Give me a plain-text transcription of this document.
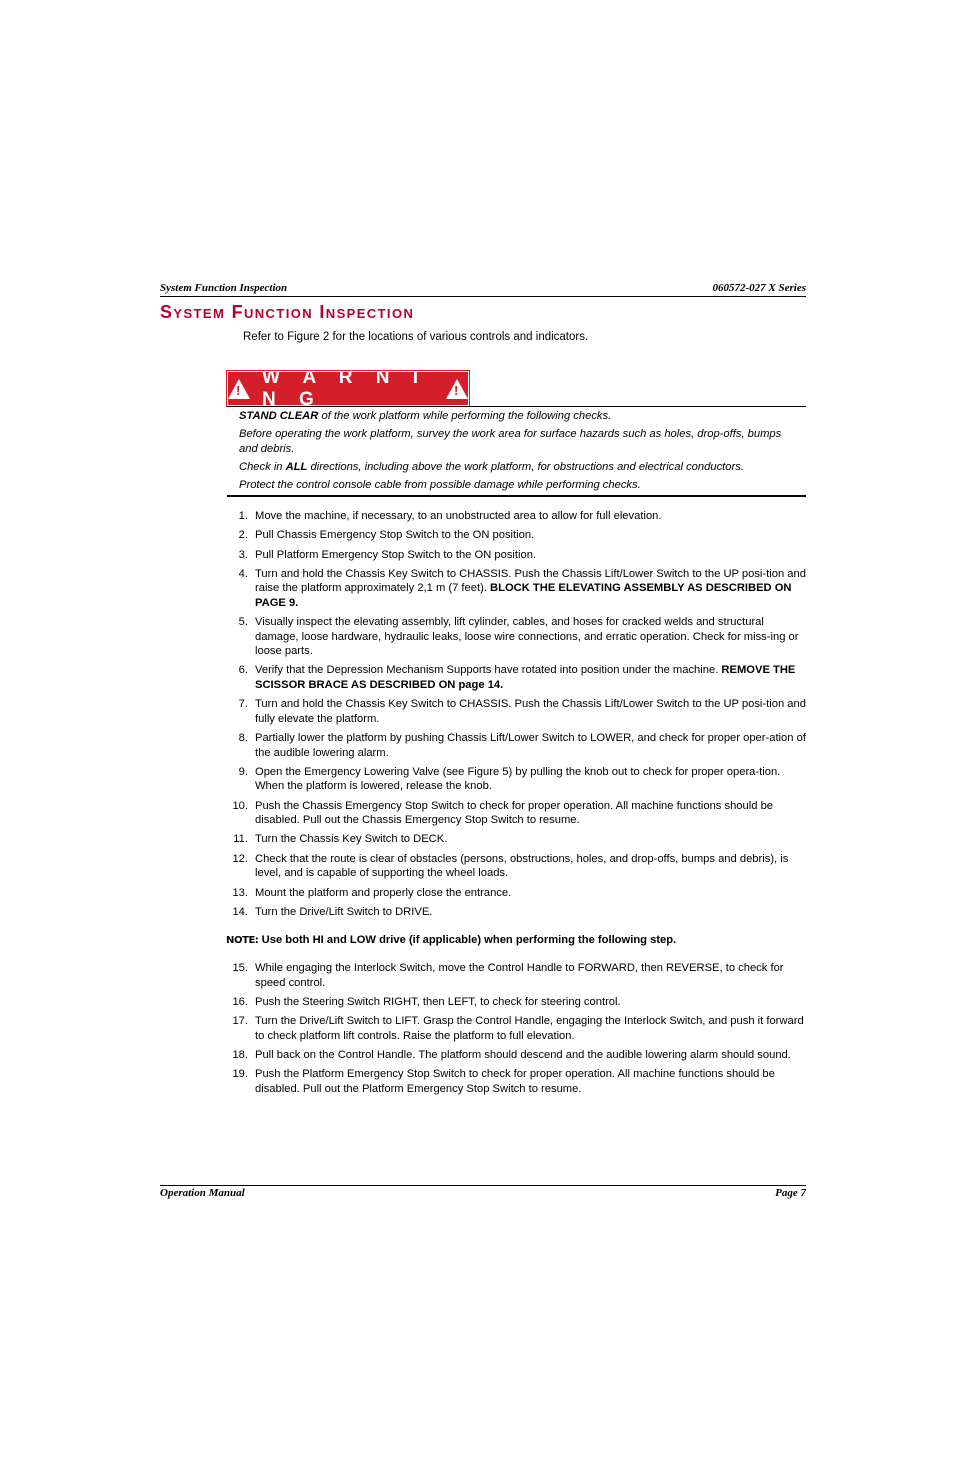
System Function Inspection	060572-027 X Series
System Function Inspection
Refer to Figure 2 for the locations of various controls and indicators.
!
W A R N I N G	!

STAND CLEAR of the work platform while performing the following checks.

Before operating the work platform, survey the work area for surface hazards such as holes, drop-offs, bumps and debris.

Check in ALL directions, including above the work platform, for obstructions and electrical conductors.

Protect the control console cable from possible damage while performing checks.

1. Move the machine, if necessary, to an unobstructed area to allow for full elevation.
2. Pull Chassis Emergency Stop Switch to the ON position.
3. Pull Platform Emergency Stop Switch to the ON position.
4. Turn and hold the Chassis Key Switch to CHASSIS. Push the Chassis Lift/Lower Switch to the UP posi-tion and raise the platform approximately 2,1 m (7 feet). BLOCK THE ELEVATING ASSEMBLY AS DESCRIBED ON PAGE 9.
5. Visually inspect the elevating assembly, lift cylinder, cables, and hoses for cracked welds and structural damage, loose hardware, hydraulic leaks, loose wire connections, and erratic operation. Check for miss-ing or loose parts.
6. Verify that the Depression Mechanism Supports have rotated into position under the machine. REMOVE THE SCISSOR BRACE AS DESCRIBED ON page 14.
7. Turn and hold the Chassis Key Switch to CHASSIS. Push the Chassis Lift/Lower Switch to the UP posi-tion and fully elevate the platform.
8. Partially lower the platform by pushing Chassis Lift/Lower Switch to LOWER, and check for proper oper-ation of the audible lowering alarm.
9. Open the Emergency Lowering Valve (see Figure 5) by pulling the knob out to check for proper opera-tion. When the platform is lowered, release the knob.
10. Push the Chassis Emergency Stop Switch to check for proper operation. All machine functions should be disabled. Pull out the Chassis Emergency Stop Switch to resume.
11. Turn the Chassis Key Switch to DECK.
12. Check that the route is clear of obstacles (persons, obstructions, holes, and drop-offs, bumps and debris), is level, and is capable of supporting the wheel loads.
13. Mount the platform and properly close the entrance.
14. Turn the Drive/Lift Switch to DRIVE.
NOTE: Use both HI and LOW drive (if applicable) when performing the following step.
15. While engaging the Interlock Switch, move the Control Handle to FORWARD, then REVERSE, to check for speed control.
16. Push the Steering Switch RIGHT, then LEFT, to check for steering control.
17. Turn the Drive/Lift Switch to LIFT. Grasp the Control Handle, engaging the Interlock Switch, and push it forward to check platform lift controls. Raise the platform to full elevation.
18. Pull back on the Control Handle. The platform should descend and the audible lowering alarm should sound.
19. Push the Platform Emergency Stop Switch to check for proper operation. All machine functions should be disabled. Pull out the Platform Emergency Stop Switch to resume.
Operation Manual	Page 7
